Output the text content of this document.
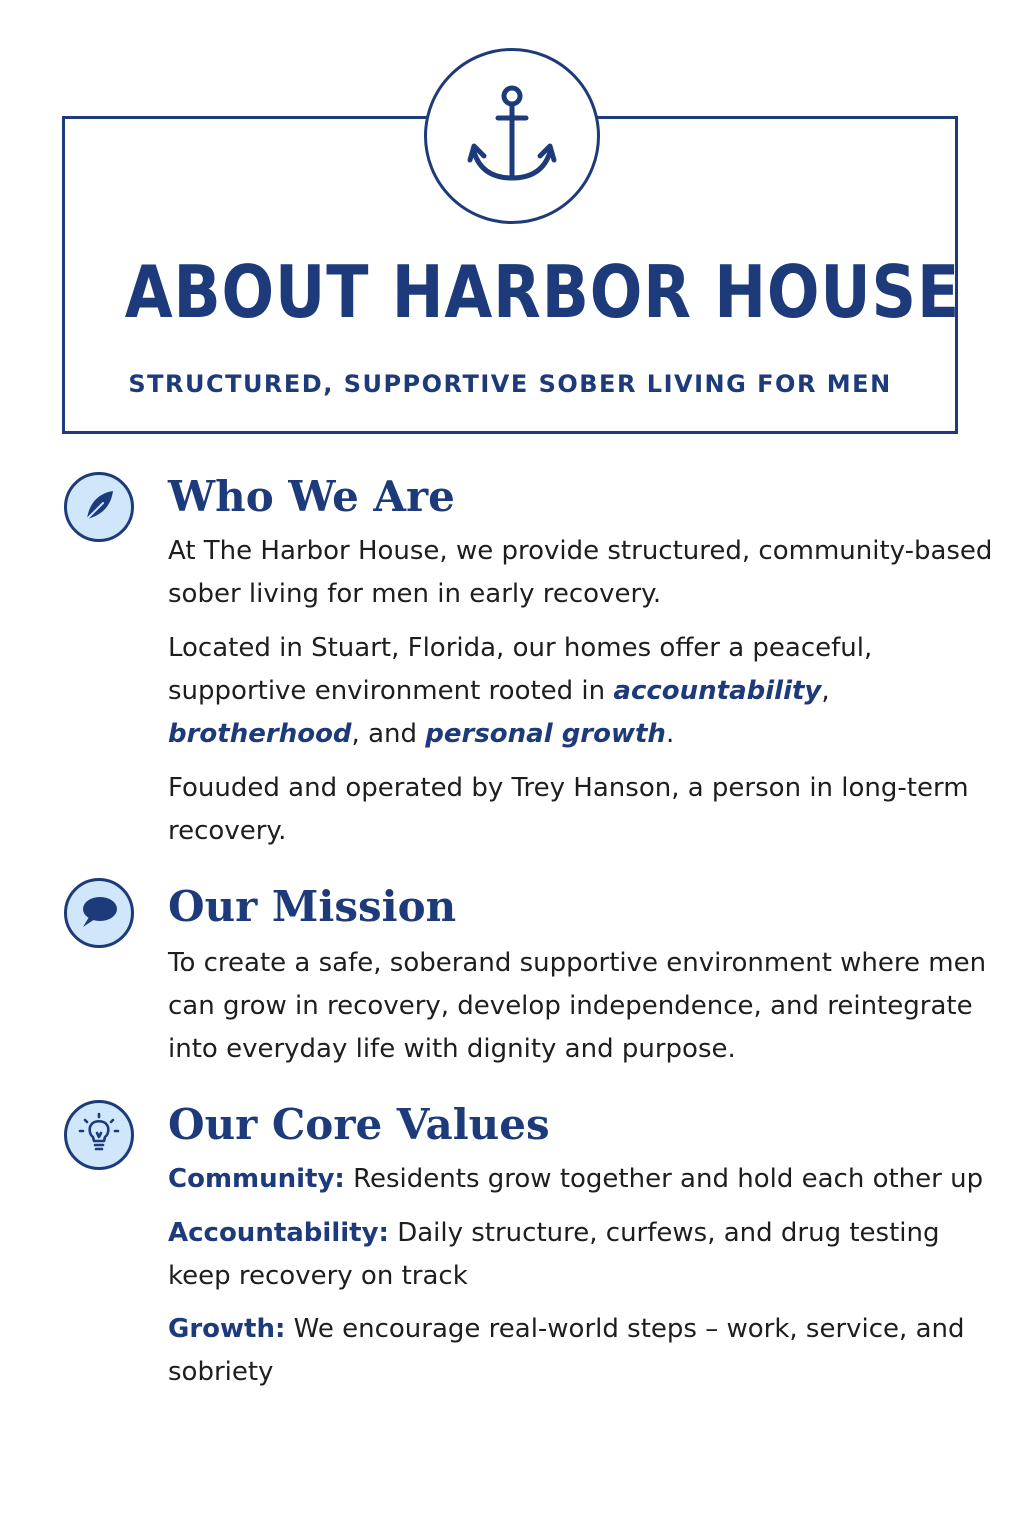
ABOUT HARBOR HOUSE
STRUCTURED, SUPPORTIVE SOBER LIVING FOR MEN
Who We Are
At The Harbor House, we provide structured, community-based sober living for men in early recovery.
Located in Stuart, Florida, our homes offer a peaceful, supportive environment rooted in accountability, brotherhood, and personal growth.
Fouuded and operated by Trey Hanson, a person in long-term recovery.
Our Mission
To create a safe, soberand supportive environment where men can grow in recovery, develop independence, and reintegrate into everyday life with dignity and purpose.
Our Core Values
Community: Residents grow together and hold each other up
Accountability: Daily structure, curfews, and drug testing keep recovery on track
Growth: We encourage real-world steps – work, service, and sobriety
